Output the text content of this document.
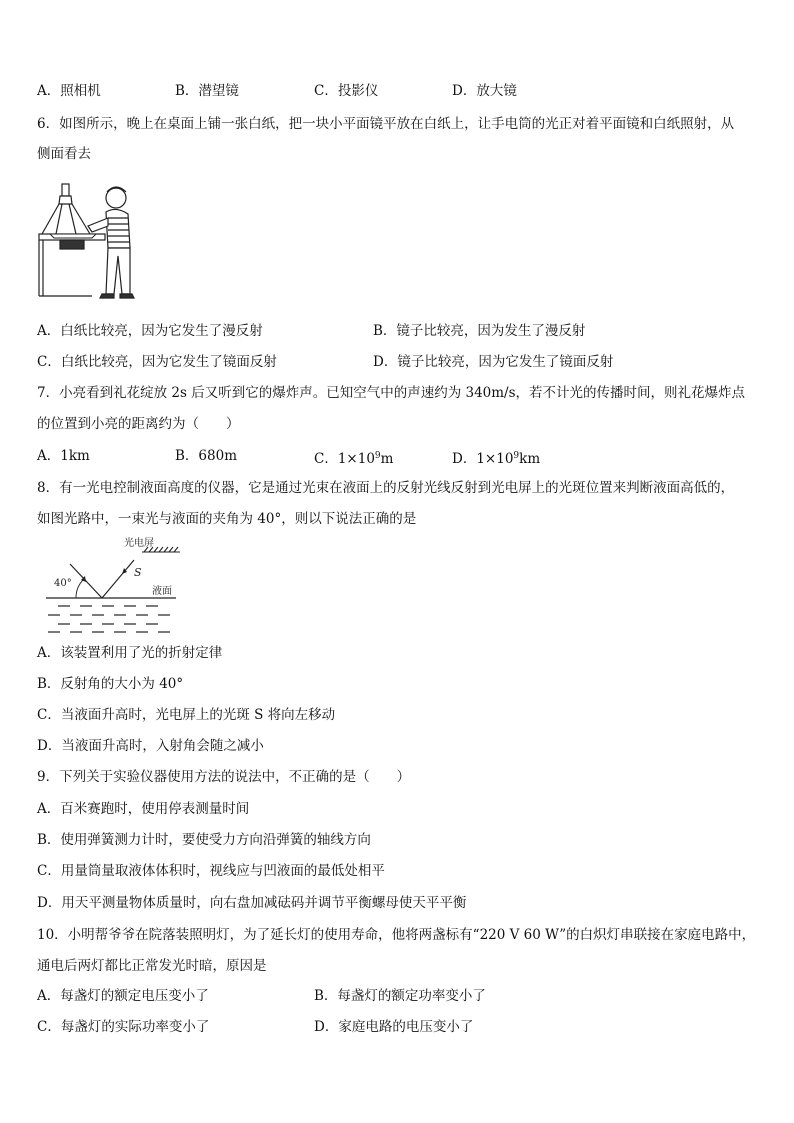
A．照相机	B．潜望镜	C．投影仪	D．放大镜
6．如图所示，晚上在桌面上铺一张白纸，把一块小平面镜平放在白纸上，让手电筒的光正对着平面镜和白纸照射，从
侧面看去
A．白纸比较亮，因为它发生了漫反射	B．镜子比较亮，因为发生了漫反射
C．白纸比较亮，因为它发生了镜面反射	D．镜子比较亮，因为它发生了镜面反射
7．小亮看到礼花绽放 2s 后又听到它的爆炸声。已知空气中的声速约为 340m/s，若不计光的传播时间，则礼花爆炸点
的位置到小亮的距离约为（　　）
A．1km	B．680m	C．$1\times 10^9m$	D．$1\times 10^9km$
8．有一光电控制液面高度的仪器，它是通过光束在液面上的反射光线反射到光电屏上的光斑位置来判断液面高低的，
如图光路中，一束光与液面的夹角为 40°，则以下说法正确的是
光电屏
S
40°
液面
A．该装置利用了光的折射定律
B．反射角的大小为 40°
C．当液面升高时，光电屏上的光斑 S 将向左移动
D．当液面升高时，入射角会随之减小
9．下列关于实验仪器使用方法的说法中，不正确的是（　　）
A．百米赛跑时，使用停表测量时间
B．使用弹簧测力计时，要使受力方向沿弹簧的轴线方向
C．用量筒量取液体体积时，视线应与凹液面的最低处相平
D．用天平测量物体质量时，向右盘加减砝码并调节平衡螺母使天平平衡
10．小明帮爷爷在院落装照明灯，为了延长灯的使用寿命，他将两盏标有“220 V 60 W”的白炽灯串联接在家庭电路中，
通电后两灯都比正常发光时暗，原因是
A．每盏灯的额定电压变小了	B．每盏灯的额定功率变小了
C．每盏灯的实际功率变小了	D．家庭电路的电压变小了
